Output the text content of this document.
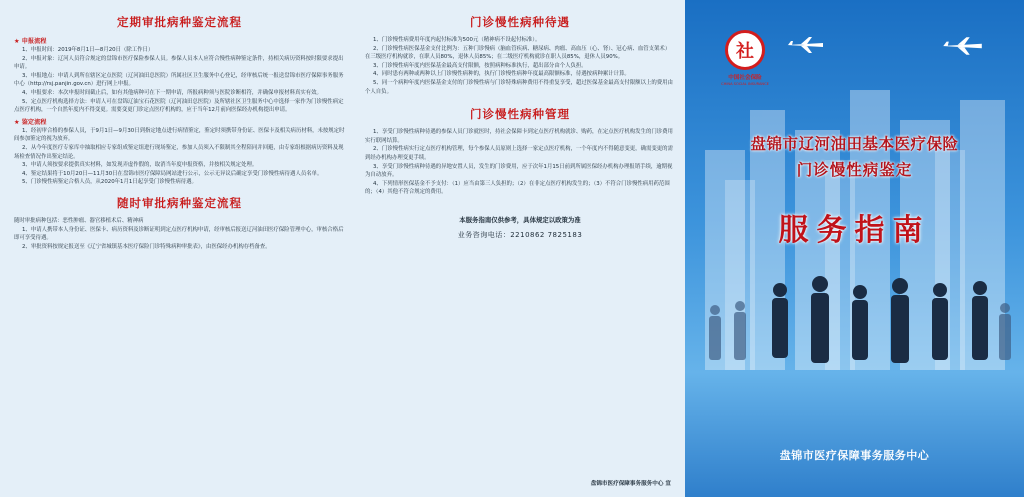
定期审批病种鉴定流程
★ 申报流程
1、申报时间：2019年8月1日—8月20日（除工作日）
2、申报对象：辽河人员符合规定的盘锦市医疗保险参保人员。参保人员本人应符合慢性病种鉴定条件，持相关病历资料按时限要求提出申请。
3、申报地点：申请人到所在辖区定点医院（辽河油田总医院）所属社区卫生服务中心登记，经审核后统一报送盘锦市医疗保障事务服务中心（http://rsj.panjin.gov.cn）进行网上申报。
4、申报要求：本次申报时间截止后，如有其他病种可在下一期申请，所报病种须与医院诊断相符，并确保申报材料真实有效。
5、定点医疗机构选择方法：申请人可在盘锦辽油宝石花医院（辽河油田总医院）及所辖社区卫生服务中心中选择一家作为门诊慢性病定点医疗机构，一个自然年度内不得变更。需要变更门诊定点医疗机构的，应于当年12月前向医保经办机构提出申请。
★ 鉴定流程
1、经初审合格的参保人员，于9月1日—9月30日到指定地点进行病情鉴定，鉴定时须携带身份证、医保卡及相关病历材料，未按规定时间参加鉴定的视为放弃。
2、从今年度医疗专家库中抽取相应专家组成鉴定组进行现场鉴定，参加人员须入不限制其全程陪同并回避，由专家组根据病历资料及现场检查情况作出鉴定结论。
3、申请人须按要求提供真实材料，如发现弄虚作假的，取消当年度申报资格，并按相关规定处理。
4、鉴定结果将于10月20日—11月30日在盘锦市医疗保障局网站进行公示，公示无异议后确定享受门诊慢性病待遇人员名单。
5、门诊慢性病鉴定合格人员，从2020年1月1日起享受门诊慢性病待遇。
随时审批病种鉴定流程
随时审批病种包括：恶性肿瘤、器官移植术后、精神病
1、申请人携带本人身份证、医保卡、病历资料及诊断证明到定点医疗机构申请，经审核后报送辽河油田医疗保险管理中心，审核合格后即可享受待遇。
2、审批资料按规定报送至《辽宁省城镇基本医疗保险门诊特殊病种审批表》，由医保经办机构存档备查。
门诊慢性病种待遇
1、门诊慢性病费用年度内起付标准为500元（精神病不设起付标准）。
2、门诊慢性病医保基金支付比例为：五种门诊慢病（脑血管疾病、糖尿病、肉瘤、高血压（心、肾）、冠心病、血管支架术）在三级医疗机构就诊，在职人员80%，退休人员85%；在二级医疗机构就诊在职人员85%，退休人员90%。
3、门诊慢性病年度内医保基金最高支付限额，按照病种标准执行，超出部分由个人负担。
4、同时患有两种或两种以上门诊慢性病种的，执行门诊慢性病种年度最高限额标准，待遇按病种累计计算。
5、同一个病种年度内医保基金支付的门诊慢性病与门诊特殊病种费用不得重复享受，超过医保基金最高支付限额以上的费用由个人自负。
门诊慢性病种管理
1、享受门诊慢性病种待遇的参保人员门诊就医时，持社会保障卡到定点医疗机构就诊、购药，在定点医疗机构发生的门诊费用实行联网结算。
2、门诊慢性病实行定点医疗机构管理，每个参保人员原则上选择一家定点医疗机构，一个年度内不得随意变更，确需变更的需到经办机构办理变更手续。
3、享受门诊慢性病种待遇的异地安置人员，发生的门诊费用，应于次年1月15日前到所属医保经办机构办理报销手续，逾期视为自动放弃。
4、下列情形医保基金不予支付：（1）应当由第三人负担的；（2）在非定点医疗机构发生的；（3）不符合门诊慢性病用药范围的；（4）其他不符合规定的费用。
本服务指南仅供参考，具体规定以政策为准
业务咨询电话：2210862 7825183
盘锦市医疗保障事务服务中心 宣
社
中国社会保险
CHINA SOCIAL INSURANCE
盘锦市辽河油田基本医疗保险
门诊慢性病鉴定
服务指南
盘锦市医疗保障事务服务中心
